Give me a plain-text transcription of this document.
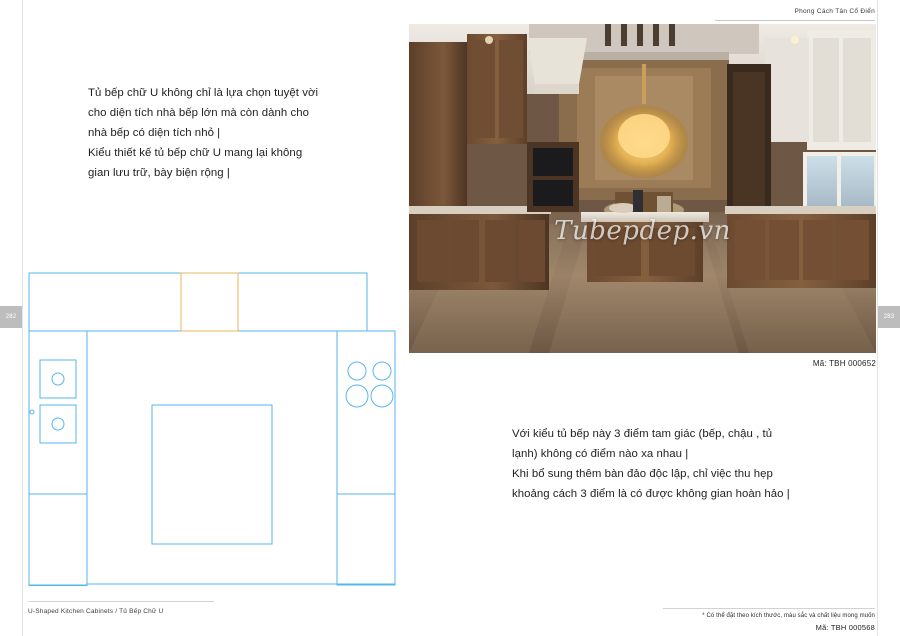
Phong Cách Tân Cổ Điển
282	283

Tủ bếp chữ U không chỉ là lựa chọn tuyệt vời

cho diện tích nhà bếp lớn mà còn dành cho

nhà bếp có diện tích nhỏ |

Kiểu thiết kế tủ bếp chữ U mang lại không

gian lưu trữ, bày biện rộng |

U-Shaped Kitchen Cabinets / Tủ Bếp Chữ U
Tubepdep.vn
Mã: TBH 000652

Với kiểu tủ bếp này 3 điểm tam giác (bếp, chậu , tủ

lạnh) không có điểm nào xa nhau |

Khi bổ sung thêm bàn đảo độc lập, chỉ việc thu hẹp

khoảng cách 3 điểm là có được không gian hoàn hảo |

* Có thể đặt theo kích thước, màu sắc và chất liệu mong muốn
Mã: TBH 000568
